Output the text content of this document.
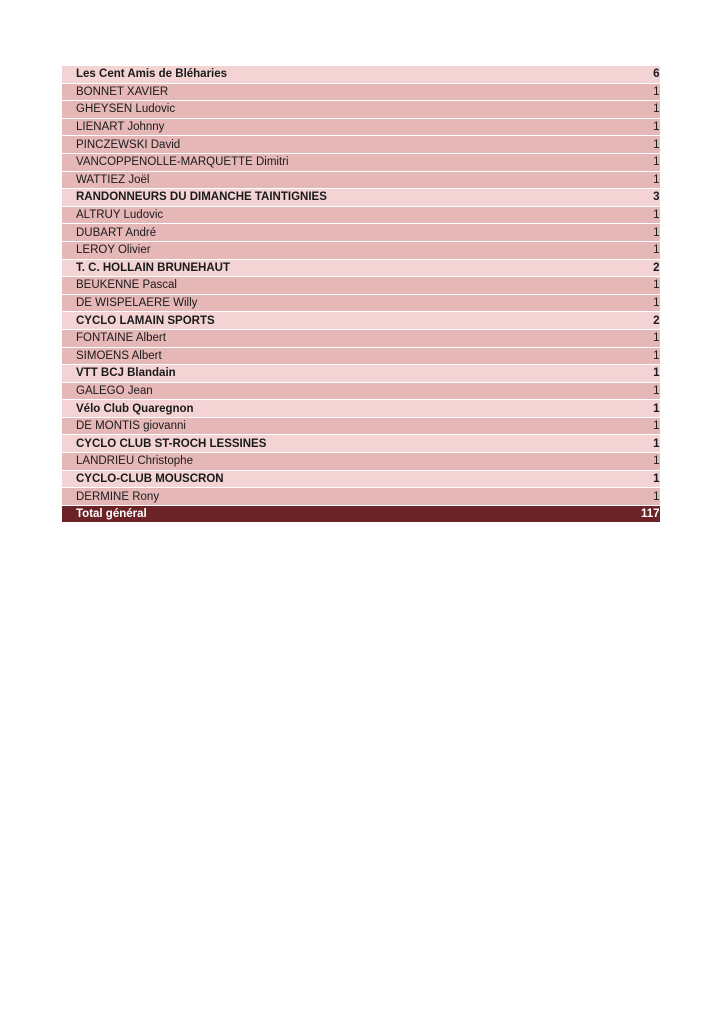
Les Cent Amis de Bléharies	6	
BONNET XAVIER	1	
GHEYSEN Ludovic	1	
LIENART Johnny	1	
PINCZEWSKI David	1	
VANCOPPENOLLE-MARQUETTE Dimitri	1	
WATTIEZ Joël	1	
RANDONNEURS DU DIMANCHE TAINTIGNIES	3	
ALTRUY Ludovic	1	
DUBART André	1	
LEROY Olivier	1	
T. C. HOLLAIN BRUNEHAUT	2	
BEUKENNE Pascal	1	
DE WISPELAERE Willy	1	
CYCLO LAMAIN SPORTS	2	
FONTAINE Albert	1	
SIMOENS Albert	1	
VTT BCJ Blandain	1	
GALEGO Jean	1	
Vélo Club Quaregnon	1	
DE MONTIS giovanni	1	
CYCLO CLUB ST-ROCH LESSINES	1	
LANDRIEU Christophe	1	
CYCLO-CLUB MOUSCRON	1	
DERMINE Rony	1	
Total général	117	
